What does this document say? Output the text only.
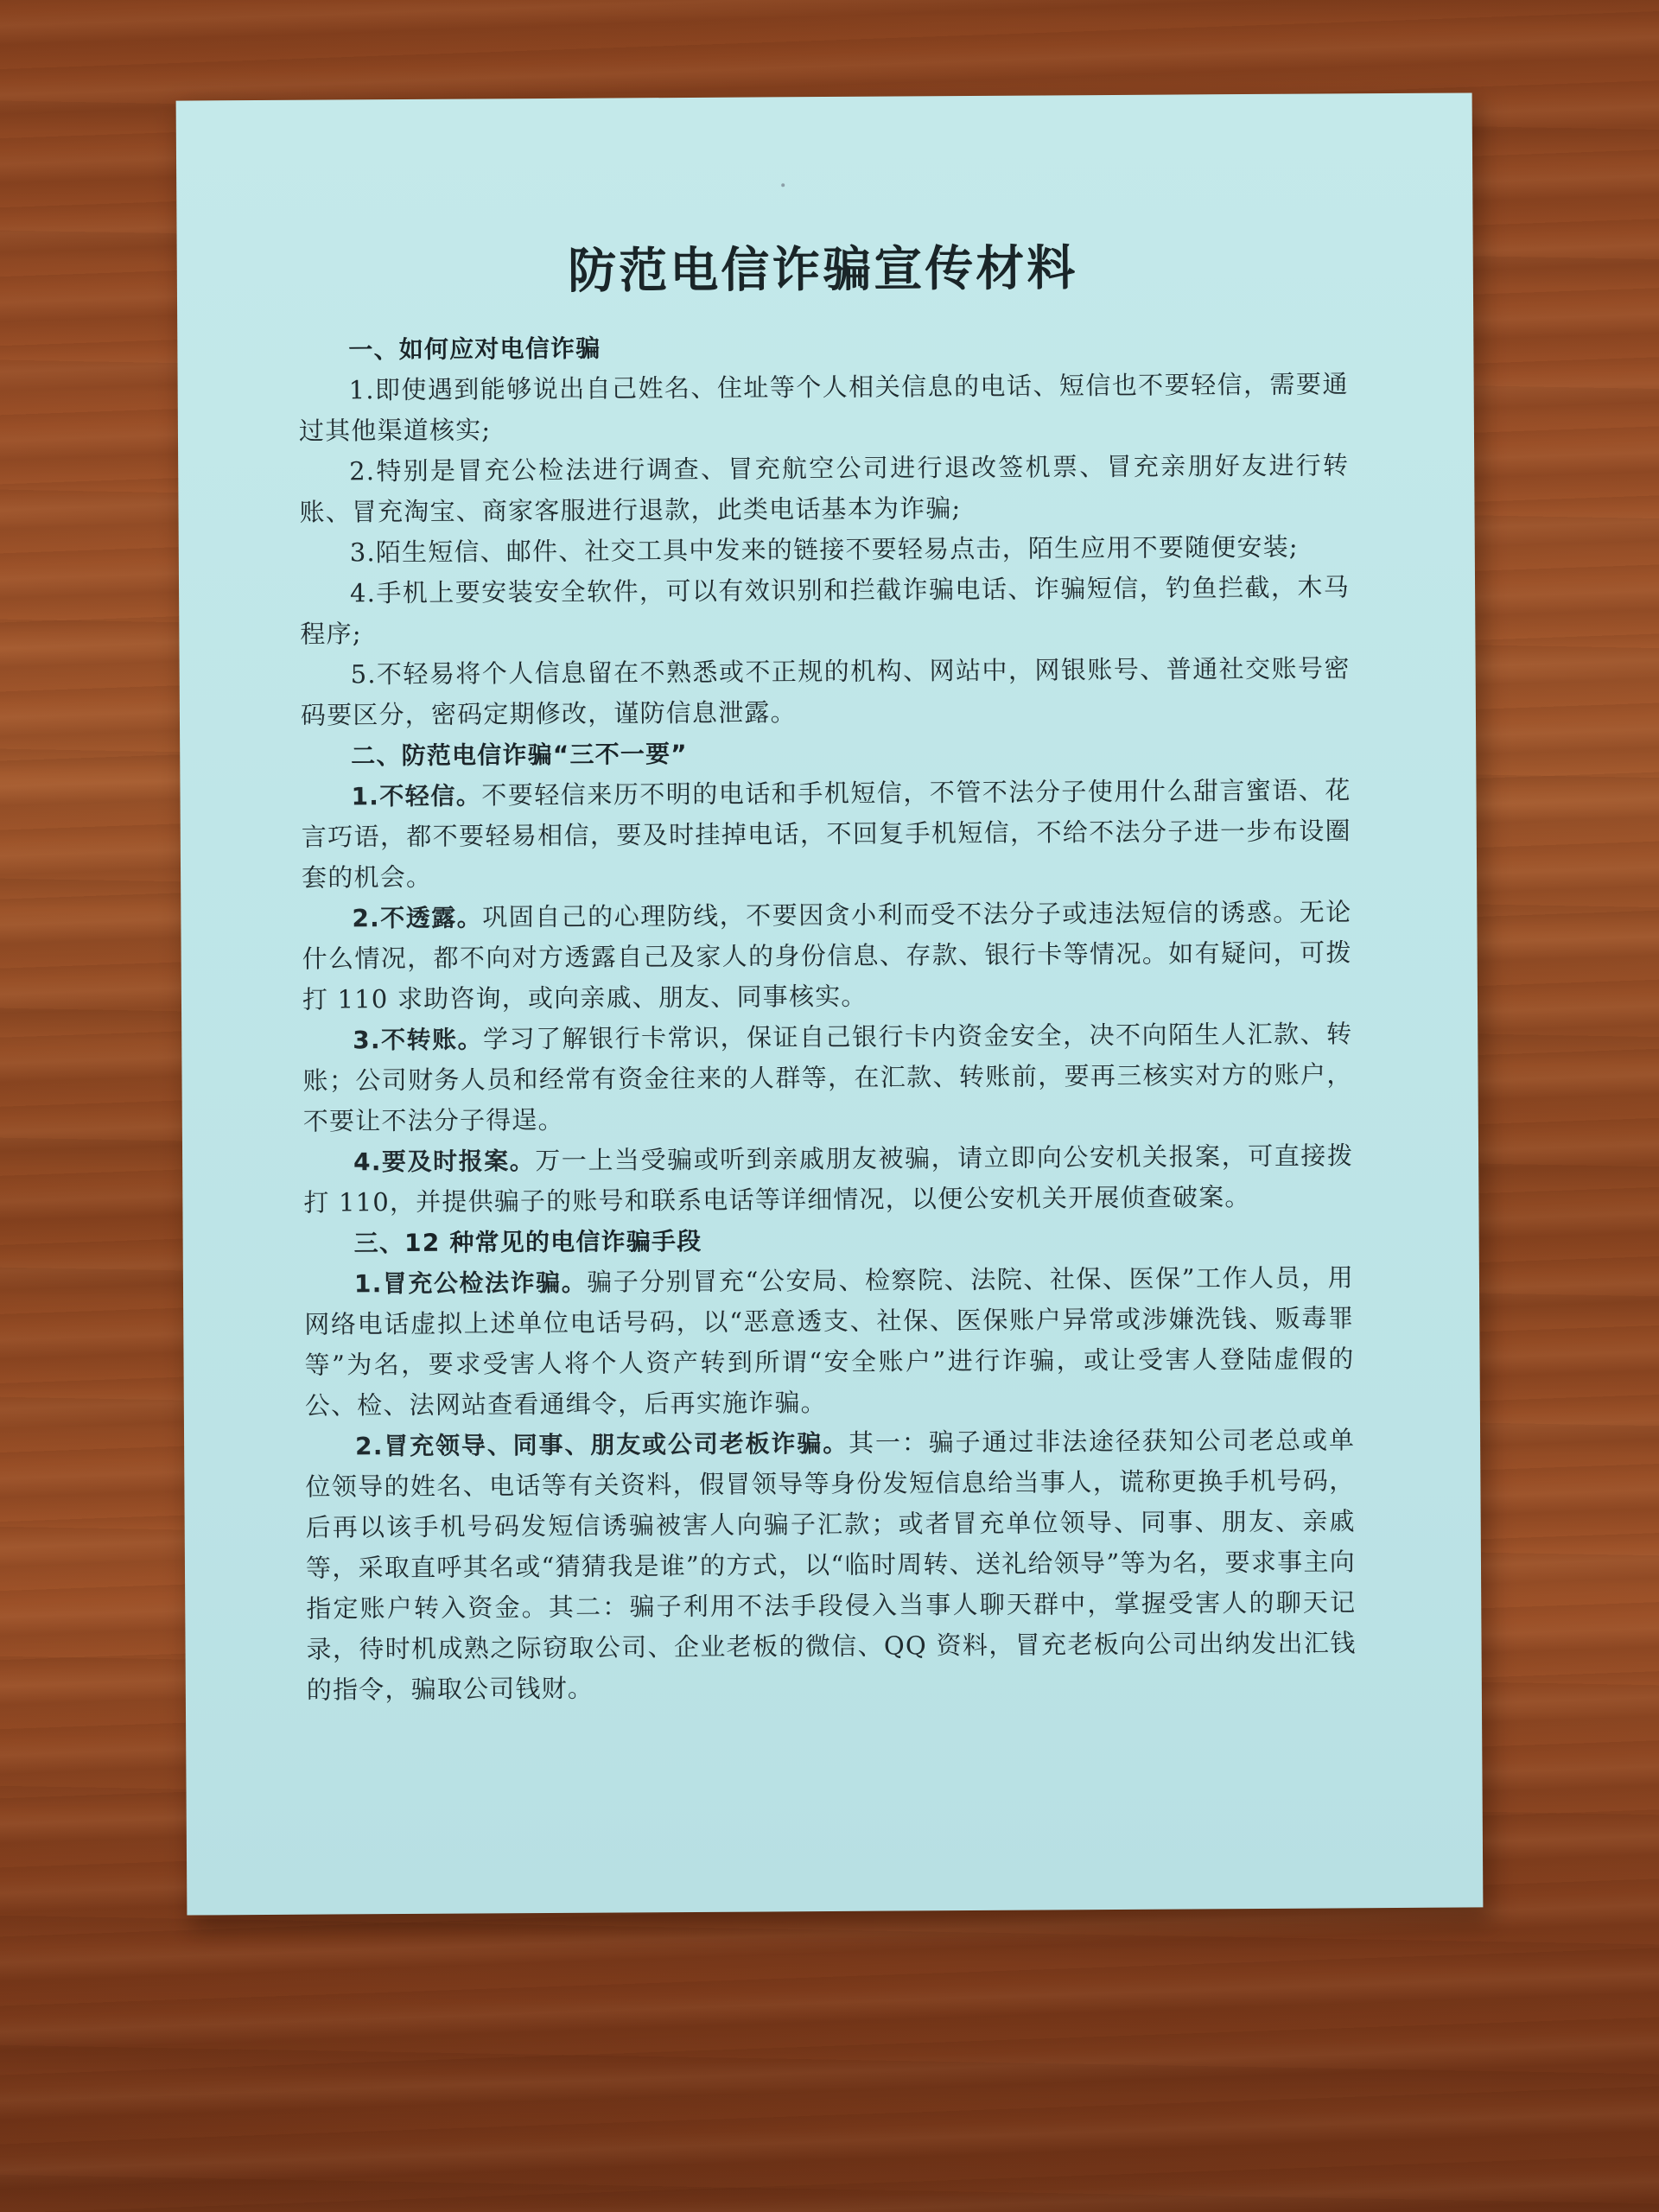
防范电信诈骗宣传材料

一、如何应对电信诈骗

1.即使遇到能够说出自己姓名、住址等个人相关信息的电话、短信也不要轻信，需要通过其他渠道核实;

2.特别是冒充公检法进行调查、冒充航空公司进行退改签机票、冒充亲朋好友进行转账、冒充淘宝、商家客服进行退款，此类电话基本为诈骗;

3.陌生短信、邮件、社交工具中发来的链接不要轻易点击，陌生应用不要随便安装;

4.手机上要安装安全软件，可以有效识别和拦截诈骗电话、诈骗短信，钓鱼拦截，木马程序;

5.不轻易将个人信息留在不熟悉或不正规的机构、网站中，网银账号、普通社交账号密码要区分，密码定期修改，谨防信息泄露。

二、防范电信诈骗“三不一要”

1.不轻信。不要轻信来历不明的电话和手机短信，不管不法分子使用什么甜言蜜语、花言巧语，都不要轻易相信，要及时挂掉电话，不回复手机短信，不给不法分子进一步布设圈套的机会。

2.不透露。巩固自己的心理防线，不要因贪小利而受不法分子或违法短信的诱惑。无论什么情况，都不向对方透露自己及家人的身份信息、存款、银行卡等情况。如有疑问，可拨打 110 求助咨询，或向亲戚、朋友、同事核实。

3.不转账。学习了解银行卡常识，保证自己银行卡内资金安全，决不向陌生人汇款、转账；公司财务人员和经常有资金往来的人群等，在汇款、转账前，要再三核实对方的账户，不要让不法分子得逞。

4.要及时报案。万一上当受骗或听到亲戚朋友被骗，请立即向公安机关报案，可直接拨打 110，并提供骗子的账号和联系电话等详细情况，以便公安机关开展侦查破案。

三、12 种常见的电信诈骗手段

1.冒充公检法诈骗。骗子分别冒充“公安局、检察院、法院、社保、医保”工作人员，用网络电话虚拟上述单位电话号码，以“恶意透支、社保、医保账户异常或涉嫌洗钱、贩毒罪等”为名，要求受害人将个人资产转到所谓“安全账户”进行诈骗，或让受害人登陆虚假的公、检、法网站查看通缉令，后再实施诈骗。

2.冒充领导、同事、朋友或公司老板诈骗。其一：骗子通过非法途径获知公司老总或单位领导的姓名、电话等有关资料，假冒领导等身份发短信息给当事人，谎称更换手机号码，后再以该手机号码发短信诱骗被害人向骗子汇款；或者冒充单位领导、同事、朋友、亲戚等，采取直呼其名或“猜猜我是谁”的方式，以“临时周转、送礼给领导”等为名，要求事主向指定账户转入资金。其二：骗子利用不法手段侵入当事人聊天群中，掌握受害人的聊天记录，待时机成熟之际窃取公司、企业老板的微信、QQ 资料，冒充老板向公司出纳发出汇钱的指令，骗取公司钱财。
